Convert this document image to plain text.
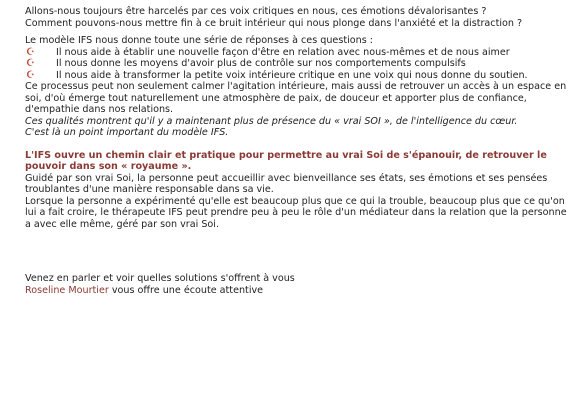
Allons-nous toujours être harcelés par ces voix critiques en nous, ces émotions dévalorisantes ?

Comment pouvons-nous mettre fin à ce bruit intérieur qui nous plonge dans l'anxiété et la distraction ?

Le modèle IFS nous donne toute une série de réponses à ces questions :

☪ Il nous aide à établir une nouvelle façon d'être en relation avec nous-mêmes et de nous aimer
☪ Il nous donne les moyens d'avoir plus de contrôle sur nos comportements compulsifs
☪ Il nous aide à transformer la petite voix intérieure critique en une voix qui nous donne du soutien.

Ce processus peut non seulement calmer l'agitation intérieure, mais aussi de retrouver un accès à un espace en soi, d'où émerge tout naturellement une atmosphère de paix, de douceur et apporter plus de confiance, d'empathie dans nos relations.

Ces qualités montrent qu'il y a maintenant plus de présence du « vrai SOI », de l'intelligence du cœur.

C'est là un point important du modèle IFS.

L'IFS ouvre un chemin clair et pratique pour permettre au vrai Soi de s'épanouir, de retrouver le pouvoir dans son « royaume ».

Guidé par son vrai Soi, la personne peut accueillir avec bienveillance ses états, ses émotions et ses pensées troublantes d'une manière responsable dans sa vie.

Lorsque la personne a expérimenté qu'elle est beaucoup plus que ce qui la trouble, beaucoup plus que ce qu'on lui a fait croire, le thérapeute IFS peut prendre peu à peu le rôle d'un médiateur dans la relation que la personne a avec elle même, géré par son vrai Soi.

Venez en parler et voir quelles solutions s'offrent à vous

Roseline Mourtier vous offre une écoute attentive
